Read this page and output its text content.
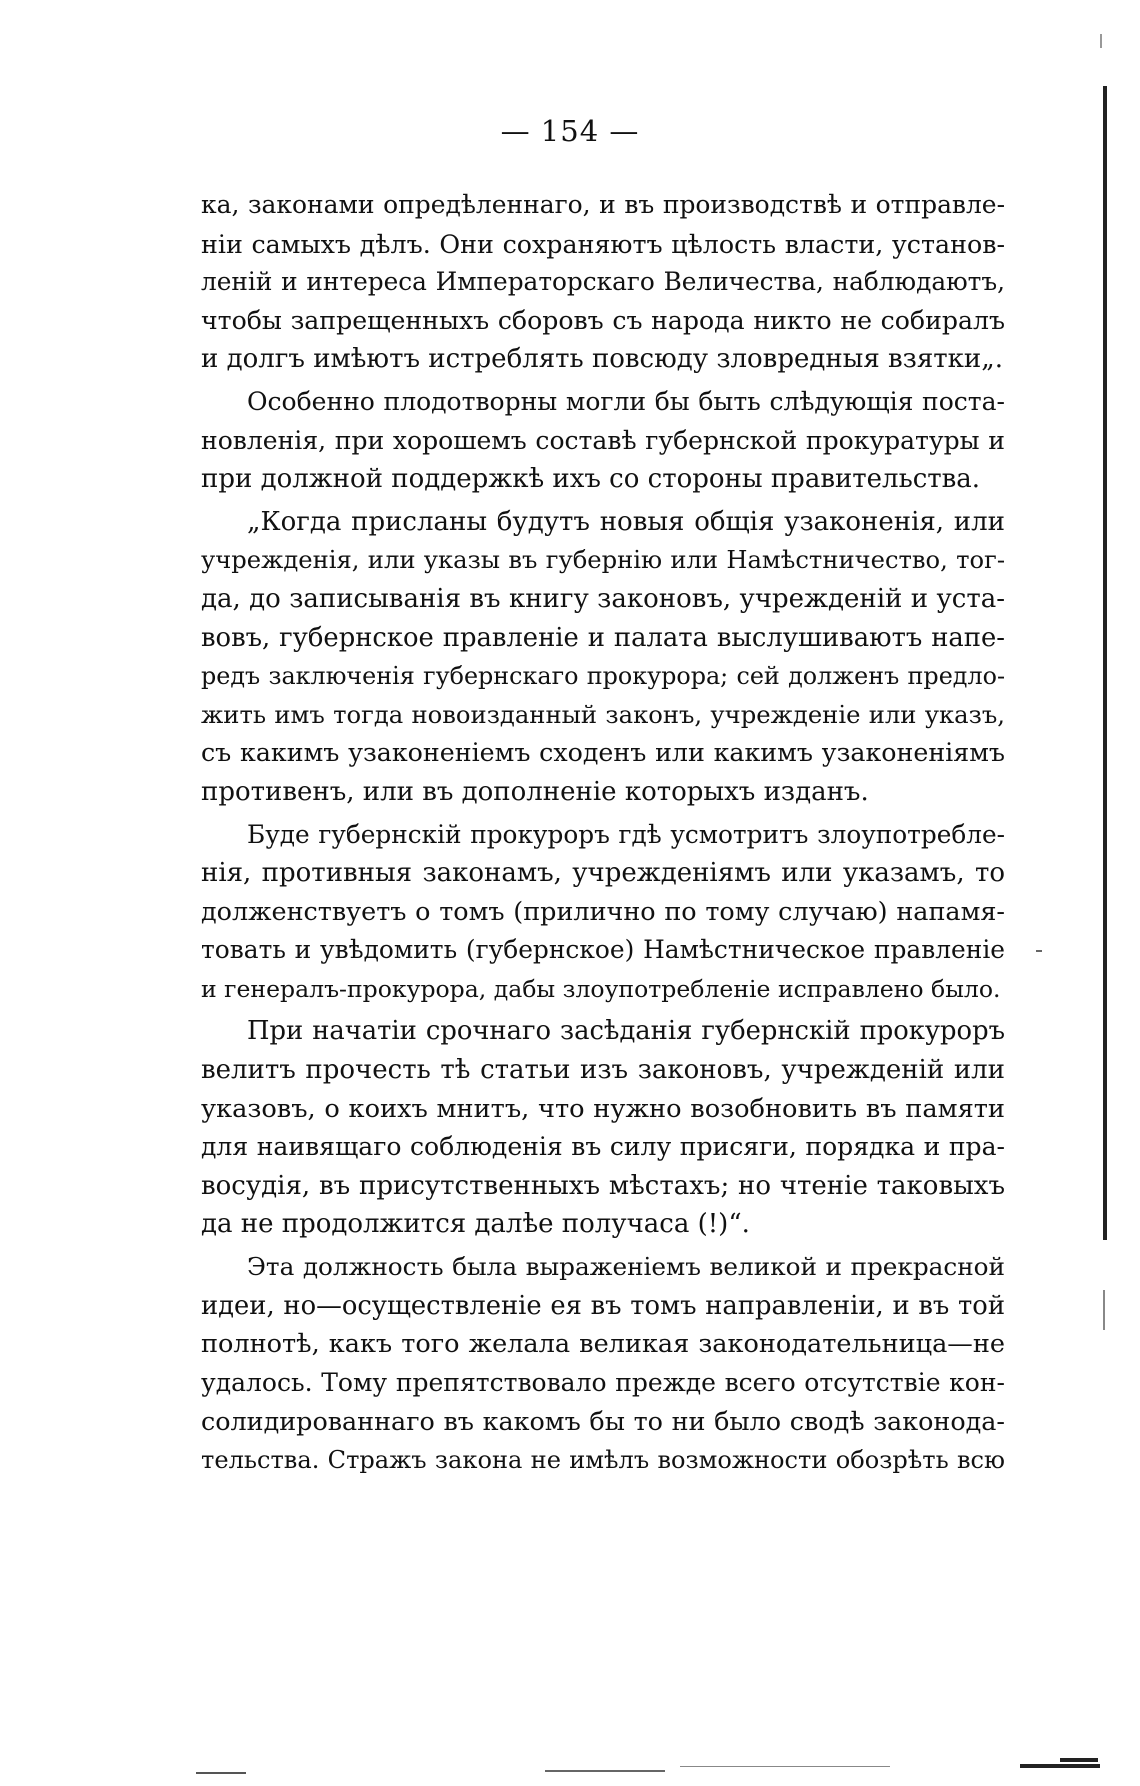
— 154 —
ка, законами опредѣленнаго, и въ производствѣ и отправле-
ніи самыхъ дѣлъ. Они сохраняютъ цѣлость власти, установ-
леній и интереса Императорскаго Величества, наблюдаютъ,
чтобы запрещенныхъ сборовъ съ народа никто не собиралъ
и долгъ имѣютъ истреблять повсюду зловредныя взятки„.
Особенно плодотворны могли бы быть слѣдующія поста-
новленія, при хорошемъ составѣ губернской прокуратуры и
при должной поддержкѣ ихъ со стороны правительства.
„Когда присланы будутъ новыя общія узаконенія, или
учрежденія, или указы въ губернію или Намѣстничество, тог-
да, до записыванія въ книгу законовъ, учрежденій и уста-
вовъ, губернское правленіе и палата выслушиваютъ напе-
редъ заключенія губернскаго прокурора; сей долженъ предло-
жить имъ тогда новоизданный законъ, учрежденіе или указъ,
съ какимъ узаконеніемъ сходенъ или какимъ узаконеніямъ
противенъ, или въ дополненіе которыхъ изданъ.
Буде губернскій прокуроръ гдѣ усмотритъ злоупотребле-
нія, противныя законамъ, учрежденіямъ или указамъ, то
долженствуетъ о томъ (прилично по тому случаю) напамя-
товать и увѣдомить (губернское) Намѣстническое правленіе
и генералъ-прокурора, дабы злоупотребленіе исправлено было.
При начатіи срочнаго засѣданія губернскій прокуроръ
велитъ прочесть тѣ статьи изъ законовъ, учрежденій или
указовъ, о коихъ мнитъ, что нужно возобновить въ памяти
для наивящаго соблюденія въ силу присяги, порядка и пра-
восудія, въ присутственныхъ мѣстахъ; но чтеніе таковыхъ
да не продолжится далѣе получаса (!)“.
Эта должность была выраженіемъ великой и прекрасной
идеи, но—осуществленіе ея въ томъ направленіи, и въ той
полнотѣ, какъ того желала великая законодательница—не
удалось. Тому препятствовало прежде всего отсутствіе кон-
солидированнаго въ какомъ бы то ни было сводѣ законода-
тельства. Стражъ закона не имѣлъ возможности обозрѣть всю
